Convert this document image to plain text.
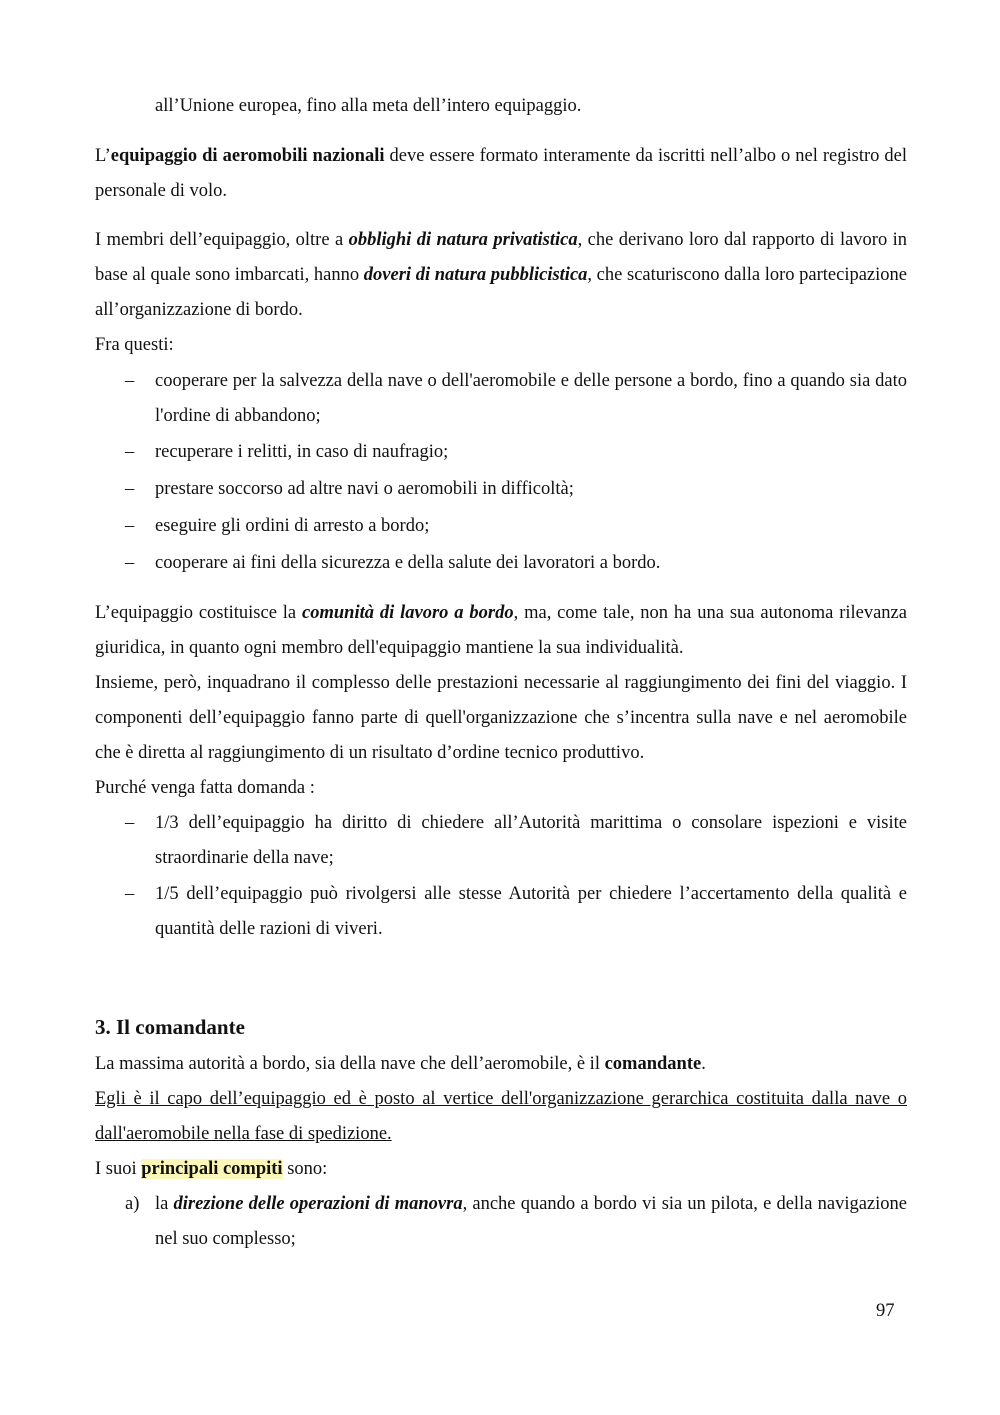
all’Unione europea, fino alla meta dell’intero equipaggio.

L’equipaggio di aeromobili nazionali deve essere formato interamente da iscritti nell’albo o nel registro del personale di volo.

I membri dell’equipaggio, oltre a obblighi di natura privatistica, che derivano loro dal rapporto di lavoro in base al quale sono imbarcati, hanno doveri di natura pubblicistica, che scaturiscono dalla loro partecipazione all’organizzazione di bordo.

Fra questi:

– cooperare per la salvezza della nave o dell'aeromobile e delle persone a bordo, fino a quando sia dato l'ordine di abbandono;
– recuperare i relitti, in caso di naufragio;
– prestare soccorso ad altre navi o aeromobili in difficoltà;
– eseguire gli ordini di arresto a bordo;
– cooperare ai fini della sicurezza e della salute dei lavoratori a bordo.

L’equipaggio costituisce la comunità di lavoro a bordo, ma, come tale, non ha una sua autonoma rilevanza giuridica, in quanto ogni membro dell'equipaggio mantiene la sua individualità.

Insieme, però, inquadrano il complesso delle prestazioni necessarie al raggiungimento dei fini del viaggio. I componenti dell’equipaggio fanno parte di quell'organizzazione che s’incentra sulla nave e nel aeromobile che è diretta al raggiungimento di un risultato d’ordine tecnico produttivo.

Purché venga fatta domanda :

– 1/3 dell’equipaggio ha diritto di chiedere all’Autorità marittima o consolare ispezioni e visite straordinarie della nave;
– 1/5 dell’equipaggio può rivolgersi alle stesse Autorità per chiedere l’accertamento della qualità e quantità delle razioni di viveri.
3. Il comandante

La massima autorità a bordo, sia della nave che dell’aeromobile, è il comandante.

Egli è il capo dell’equipaggio ed è posto al vertice dell'organizzazione gerarchica costituita dalla nave o dall'aeromobile nella fase di spedizione.

I suoi principali compiti sono:

a) la direzione delle operazioni di manovra, anche quando a bordo vi sia un pilota, e della navigazione nel suo complesso;
97
